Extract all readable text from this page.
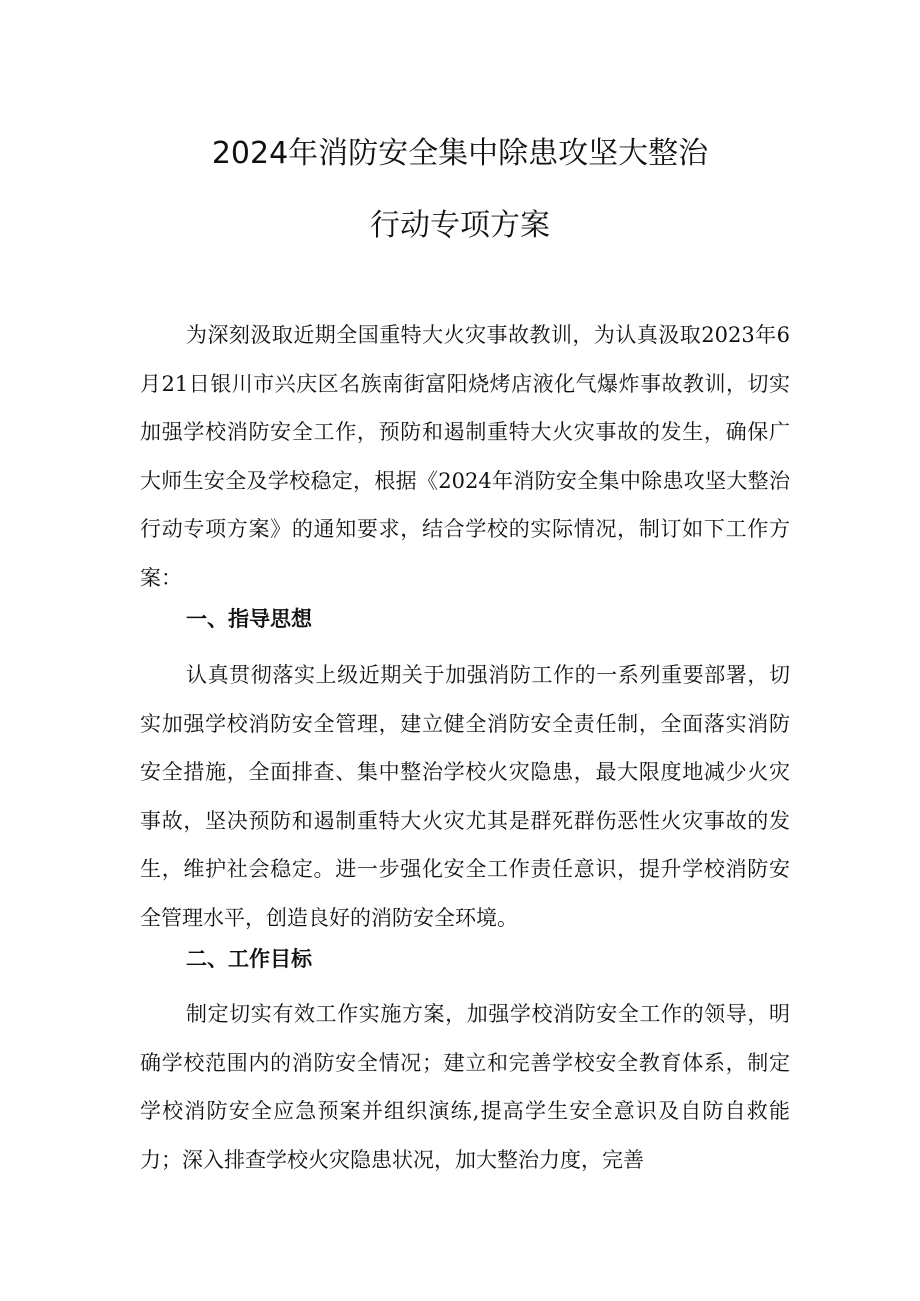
2024年消防安全集中除患攻坚大整治
行动专项方案
为深刻汲取近期全国重特大火灾事故教训，为认真汲取2023年6月21日银川市兴庆区名族南街富阳烧烤店液化气爆炸事故教训，切实加强学校消防安全工作，预防和遏制重特大火灾事故的发生，确保广大师生安全及学校稳定，根据《2024年消防安全集中除患攻坚大整治行动专项方案》的通知要求，结合学校的实际情况，制订如下工作方案：
一、指导思想
认真贯彻落实上级近期关于加强消防工作的一系列重要部署，切实加强学校消防安全管理，建立健全消防安全责任制，全面落实消防安全措施，全面排查、集中整治学校火灾隐患，最大限度地减少火灾事故，坚决预防和遏制重特大火灾尤其是群死群伤恶性火灾事故的发生，维护社会稳定。进一步强化安全工作责任意识，提升学校消防安全管理水平，创造良好的消防安全环境。
二、工作目标
制定切实有效工作实施方案，加强学校消防安全工作的领导，明确学校范围内的消防安全情况；建立和完善学校安全教育体系，制定学校消防安全应急预案并组织演练,提高学生安全意识及自防自救能力；深入排查学校火灾隐患状况，加大整治力度，完善
